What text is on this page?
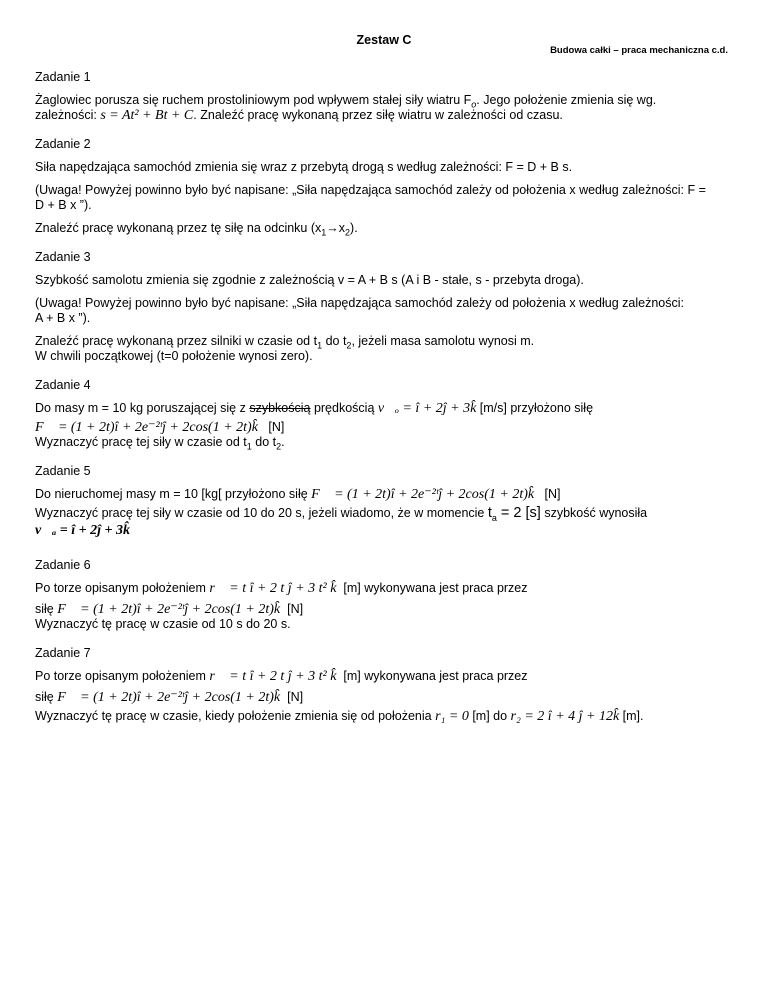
Zestaw C
Budowa całki – praca mechaniczna c.d.

Zadanie 1

Żaglowiec porusza się ruchem prostoliniowym pod wpływem stałej siły wiatru $F_o$. Jego położenie zmienia się wg.

zależności: s = At² + Bt + C. Znaleźć pracę wykonaną przez siłę wiatru w zależności od czasu.

Zadanie 2

Siła napędzająca samochód zmienia się wraz z przebytą drogą s według zależności: F = D + B s.

(Uwaga! Powyżej powinno było być napisane: „Siła napędzająca samochód zależy od położenia x według zależności: F =

D + B x ”).

Znaleźć pracę wykonaną przez tę siłę na odcinku $(x_1\to x_2)$.

Zadanie 3

Szybkość samolotu zmienia się zgodnie z zależnością v = A + B s (A i B - stałe, s - przebyta droga).

(Uwaga! Powyżej powinno było być napisane: „Siła napędzająca samochód zależy od położenia x według zależności:

A + B x ”).

Znaleźć pracę wykonaną przez silniki w czasie od $t_1$ do $t_2$, jeżeli masa samolotu wynosi m.

W chwili początkowej (t=0 położenie wynosi zero).

Zadanie 4

Do masy m = 10 kg poruszającej się z szybkością prędkością v⃗ₒ = î + 2ĵ + 3k̂ [m/s] przyłożono siłę

F⃗ = (1 + 2t)î + 2e⁻²ᵗĵ + 2cos(1 + 2t)k̂ [N]

Wyznaczyć pracę tej siły w czasie od $t_1$ do $t_2$.

Zadanie 5

Do nieruchomej masy m = 10 [kg[ przyłożono siłę F⃗ = (1 + 2t)î + 2e⁻²ᵗĵ + 2cos(1 + 2t)k̂ [N]

Wyznaczyć pracę tej siły w czasie od 10 do 20 s, jeżeli wiadomo, że w momencie $t_a = 2$ [s] szybkość wynosiła

v⃗ₐ = î + 2ĵ + 3k̂

Zadanie 6

Po torze opisanym położeniem r⃗ = t î + 2 t ĵ + 3 t² k̂ [m] wykonywana jest praca przez

siłę F⃗ = (1 + 2t)î + 2e⁻²ᵗĵ + 2cos(1 + 2t)k̂ [N]

Wyznaczyć tę pracę w czasie od 10 s do 20 s.

Zadanie 7

Po torze opisanym położeniem r⃗ = t î + 2 t ĵ + 3 t² k̂ [m] wykonywana jest praca przez

siłę F⃗ = (1 + 2t)î + 2e⁻²ᵗĵ + 2cos(1 + 2t)k̂ [N]

Wyznaczyć tę pracę w czasie, kiedy położenie zmienia się od położenia r₁ = 0 [m] do r₂ = 2 î + 4 ĵ + 12k̂ [m].
